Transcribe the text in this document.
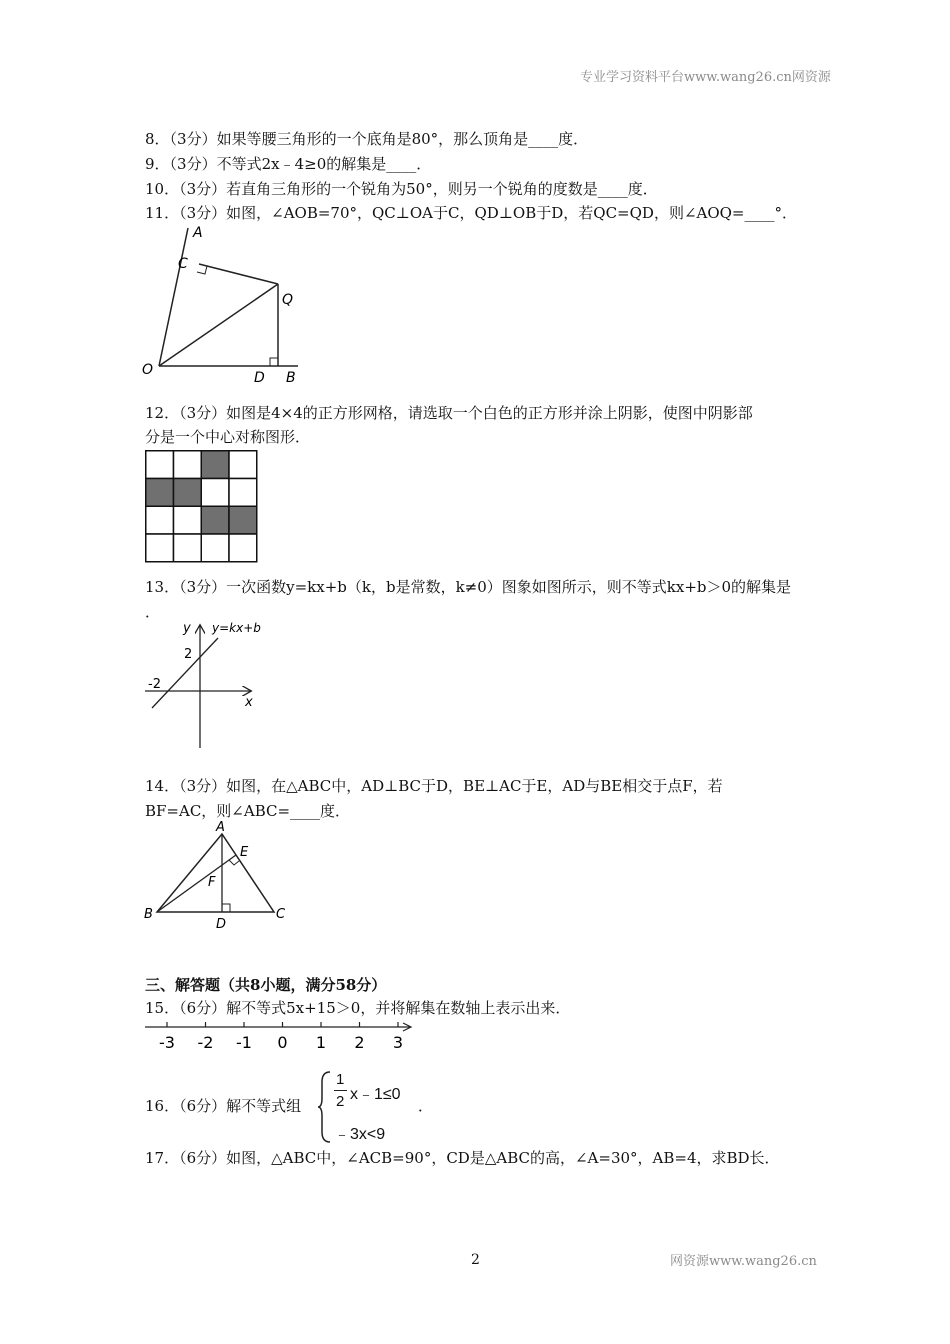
专业学习资料平台www.wang26.cn网资源
8．（3分）如果等腰三角形的一个底角是80°，那么顶角是____度．
9．（3分）不等式2x﹣4≥0的解集是____．
10．（3分）若直角三角形的一个锐角为50°，则另一个锐角的度数是____度．
11．（3分）如图，∠AOB=70°，QC⊥OA于C，QD⊥OB于D，若QC=QD，则∠AOQ=____°．
A
C
Q
O	D B
12．（3分）如图是4×4的正方形网格，请选取一个白色的正方形并涂上阴影，使图中阴影部
分是一个中心对称图形．
13．（3分）一次函数y=kx+b（k，b是常数，k≠0）图象如图所示，则不等式kx+b＞0的解集是
．
y y=kx+b
2
-2
x
14．（3分）如图，在△ABC中，AD⊥BC于D，BE⊥AC于E，AD与BE相交于点F，若
BF=AC，则∠ABC=____度．
A
E
F
B
D
C
三、解答题（共8小题，满分58分）
15．（6分）解不等式5x+15＞0，并将解集在数轴上表示出来．
-3 -2 -1 0 1 2 3
16．（6分）解不等式组
1
2 x﹣1≤0
﹣3x<9
．
17．（6分）如图，△ABC中，∠ACB=90°，CD是△ABC的高，∠A=30°，AB=4，求BD长．
2	网资源www.wang26.cn
